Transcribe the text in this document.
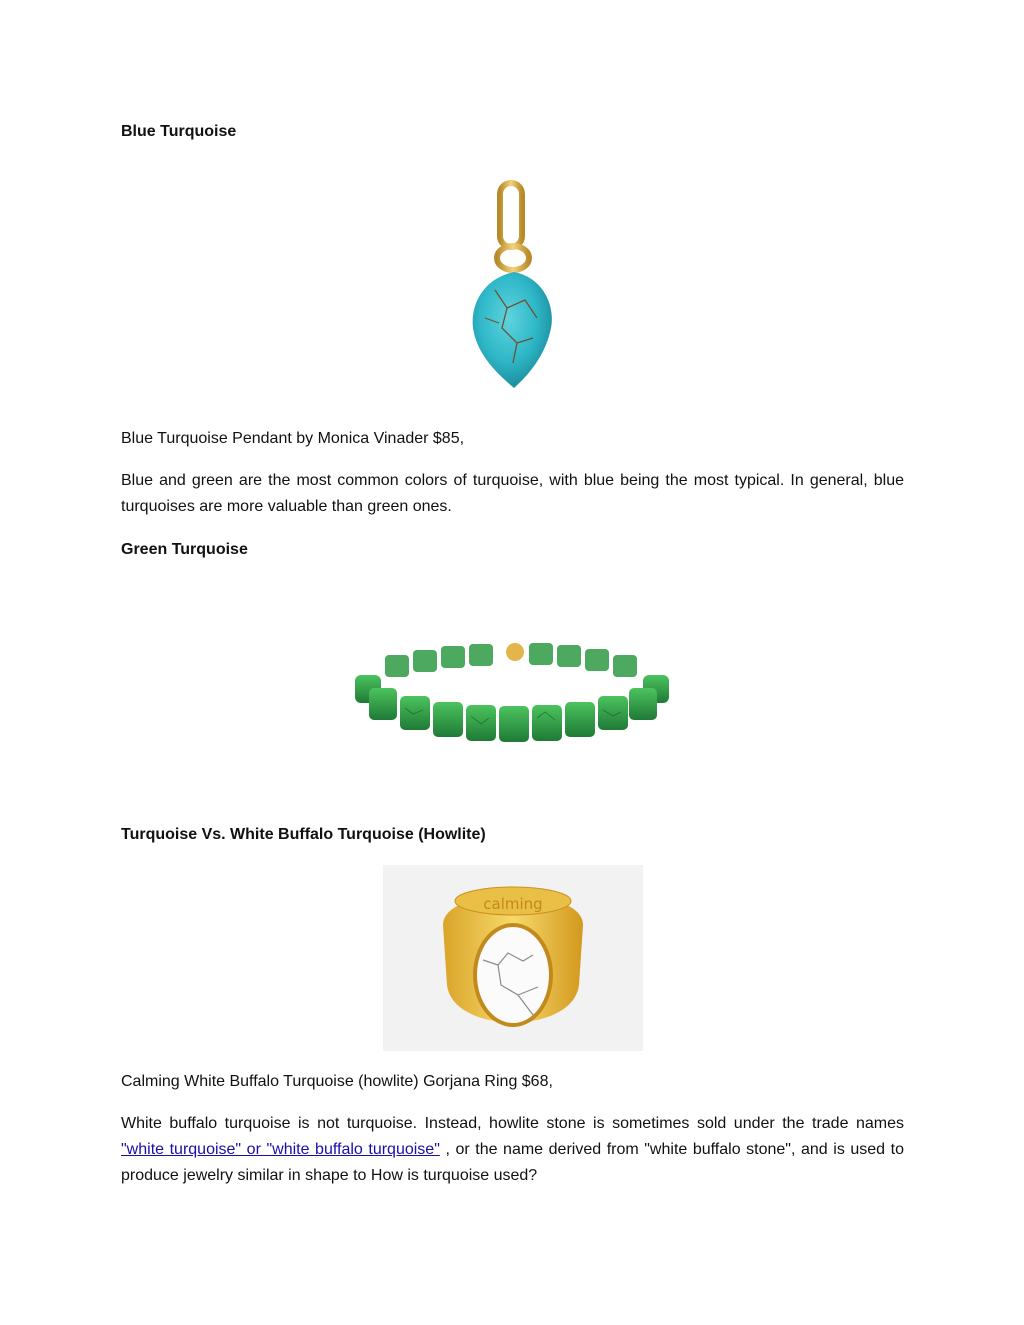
Blue Turquoise
Blue Turquoise Pendant by Monica Vinader $85,

Blue and green are the most common colors of turquoise, with blue being the most typical. In general, blue turquoises are more valuable than green ones.

Green Turquoise
Turquoise Vs. White Buffalo Turquoise (Howlite)
calming
Calming White Buffalo Turquoise (howlite) Gorjana Ring $68,

White buffalo turquoise is not turquoise. Instead, howlite stone is sometimes sold under the trade names "white turquoise" or "white buffalo turquoise" , or the name derived from "white buffalo stone", and is used to produce jewelry similar in shape to How is turquoise used?
